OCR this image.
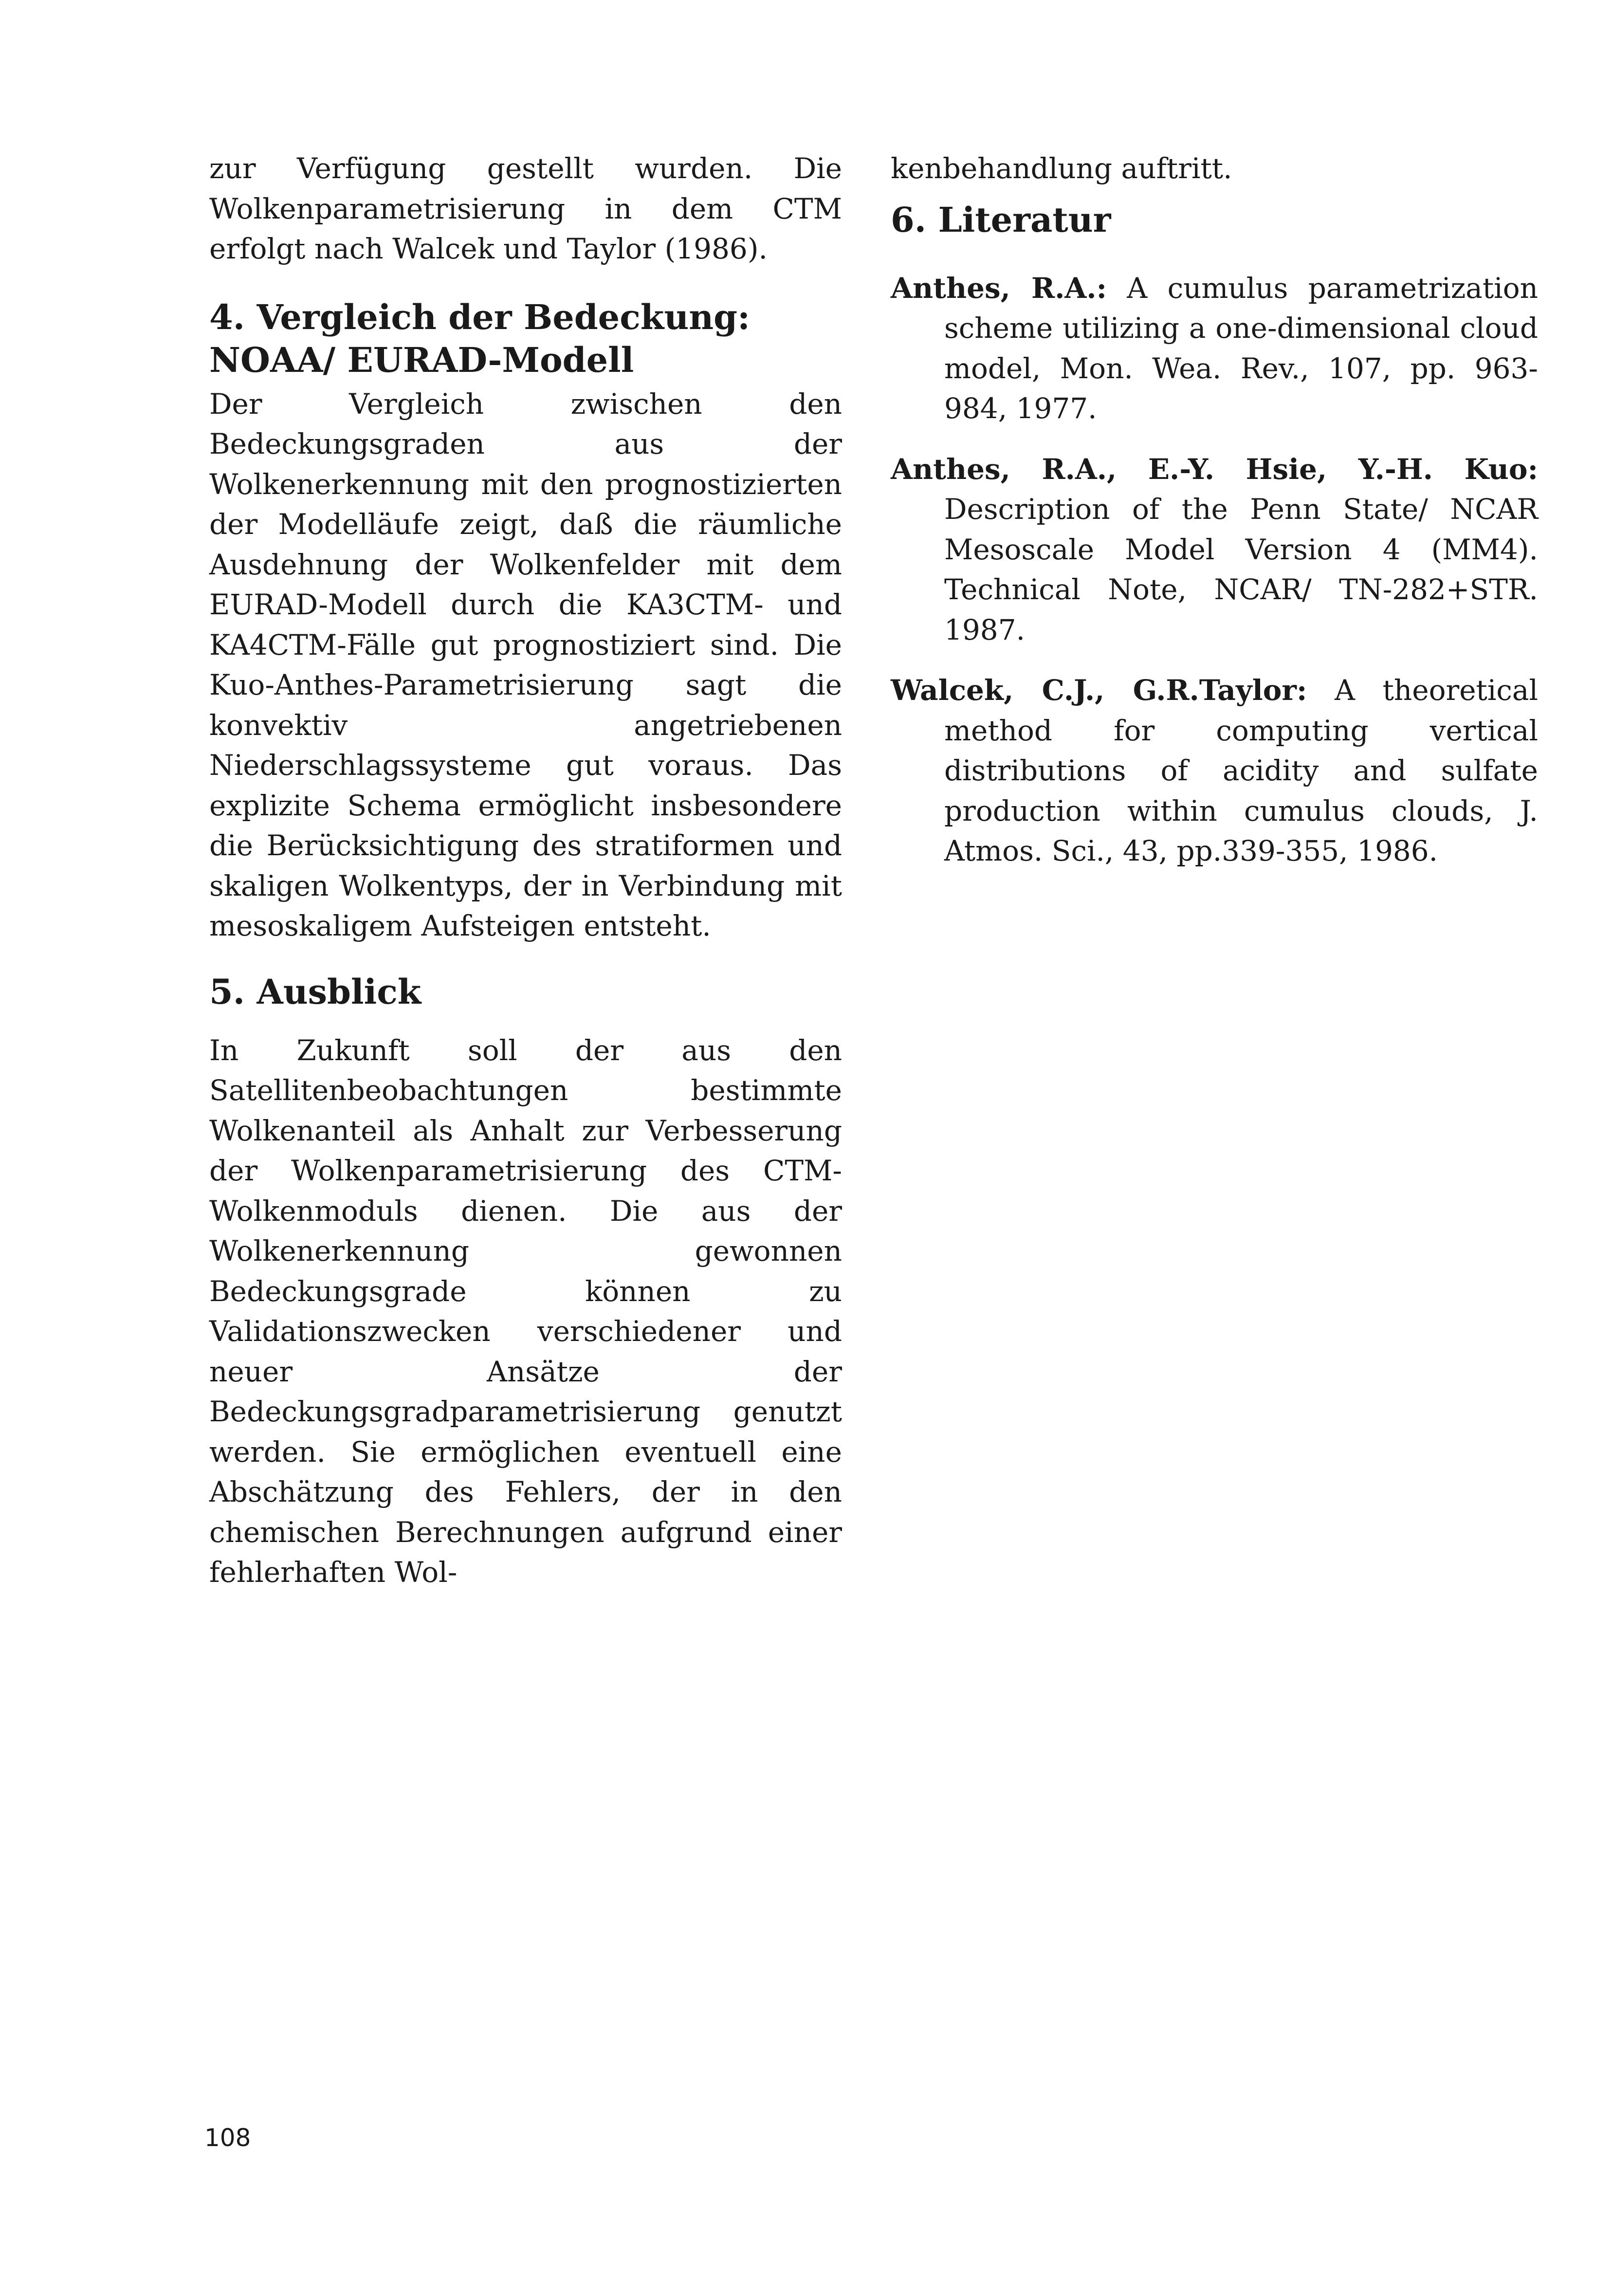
zur Verfügung gestellt wurden. Die Wolkenparametrisierung in dem CTM erfolgt nach Walcek und Taylor (1986).

4. Vergleich der Bedeckung: NOAA/ EURAD-Modell

Der Vergleich zwischen den Bedeckungsgraden aus der Wolkenerkennung mit den prognostizierten der Modelläufe zeigt, daß die räumliche Ausdehnung der Wolkenfelder mit dem EURAD-Modell durch die KA3CTM- und KA4CTM-Fälle gut prognostiziert sind. Die Kuo-Anthes-Parametrisierung sagt die konvektiv angetriebenen Niederschlagssysteme gut voraus. Das explizite Schema ermöglicht insbesondere die Berücksichtigung des stratiformen und skaligen Wolkentyps, der in Verbindung mit mesoskaligem Aufsteigen entsteht.

5. Ausblick

In Zukunft soll der aus den Satellitenbeobachtungen bestimmte Wolkenanteil als Anhalt zur Verbesserung der Wolkenparametrisierung des CTM-Wolkenmoduls dienen. Die aus der Wolkenerkennung gewonnen Bedeckungsgrade können zu Validationszwecken verschiedener und neuer Ansätze der Bedeckungsgradparametrisierung genutzt werden. Sie ermöglichen eventuell eine Abschätzung des Fehlers, der in den chemischen Berechnungen aufgrund einer fehlerhaften Wol-

kenbehandlung auftritt.

6. Literatur

Anthes, R.A.: A cumulus parametrization scheme utilizing a one-dimensional cloud model, Mon. Wea. Rev., 107, pp. 963-984, 1977.

Anthes, R.A., E.-Y. Hsie, Y.-H. Kuo: Description of the Penn State/ NCAR Mesoscale Model Version 4 (MM4). Technical Note, NCAR/ TN-282+STR. 1987.

Walcek, C.J., G.R.Taylor: A theoretical method for computing vertical distributions of acidity and sulfate production within cumulus clouds, J. Atmos. Sci., 43, pp.339-355, 1986.

108
